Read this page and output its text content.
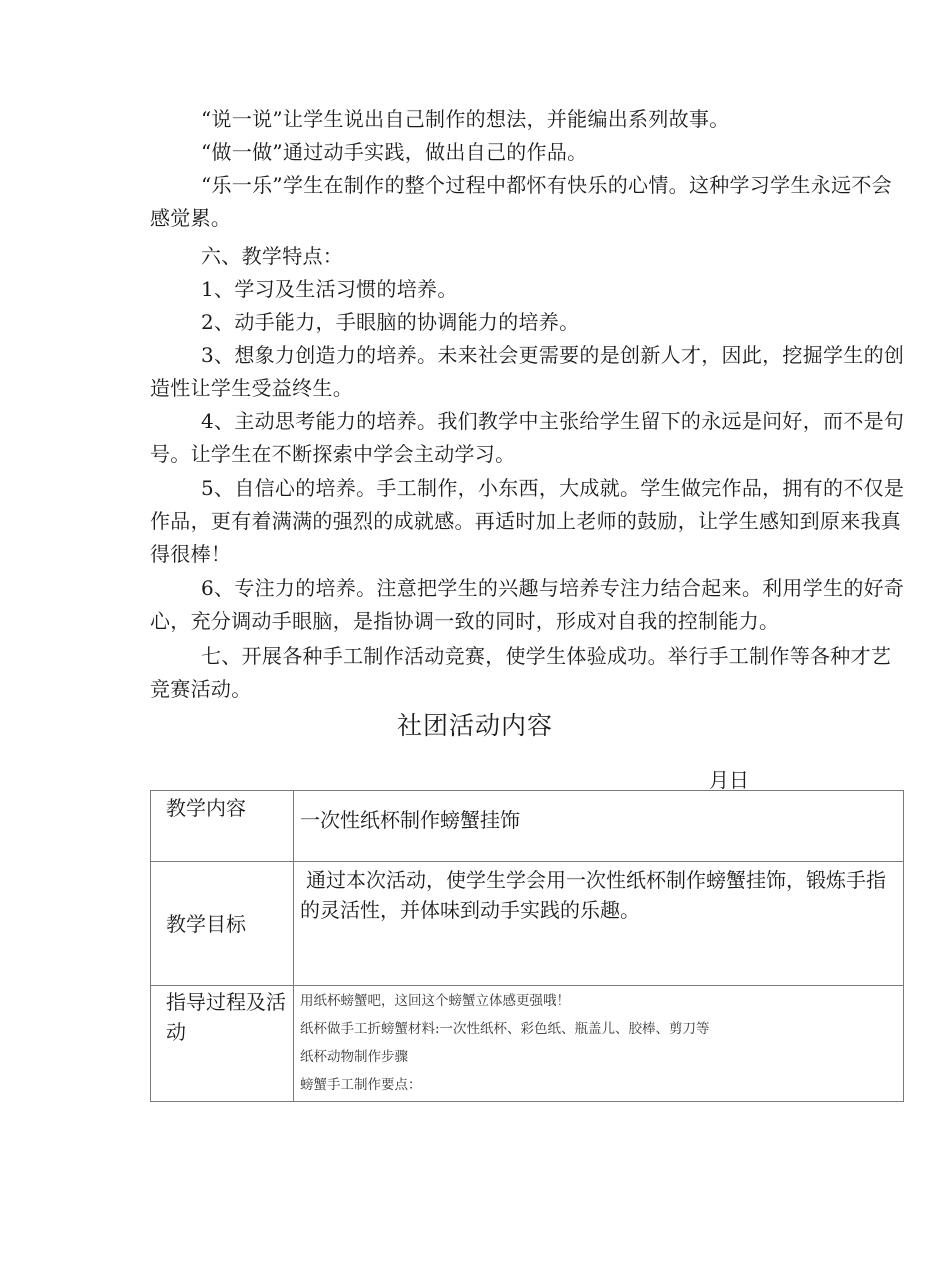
“说一说”让学生说出自己制作的想法，并能编出系列故事。

“做一做”通过动手实践，做出自己的作品。

“乐一乐”学生在制作的整个过程中都怀有快乐的心情。这种学习学生永远不会感觉累。

六、教学特点：

1、学习及生活习惯的培养。

2、动手能力，手眼脑的协调能力的培养。

3、想象力创造力的培养。未来社会更需要的是创新人才，因此，挖掘学生的创造性让学生受益终生。

4、主动思考能力的培养。我们教学中主张给学生留下的永远是问好，而不是句号。让学生在不断探索中学会主动学习。

5、自信心的培养。手工制作，小东西，大成就。学生做完作品，拥有的不仅是作品，更有着满满的强烈的成就感。再适时加上老师的鼓励，让学生感知到原来我真得很棒！

6、专注力的培养。注意把学生的兴趣与培养专注力结合起来。利用学生的好奇心，充分调动手眼脑，是指协调一致的同时，形成对自我的控制能力。

七、开展各种手工制作活动竞赛，使学生体验成功。举行手工制作等各种才艺竞赛活动。

社团活动内容
月日
教学内容	一次性纸杯制作螃蟹挂饰
教学目标	通过本次活动，使学生学会用一次性纸杯制作螃蟹挂饰，锻炼手指的灵活性，并体味到动手实践的乐趣。
指导过程及活动	用纸杯螃蟹吧，这回这个螃蟹立体感更强哦！
纸杯做手工折螃蟹材料:一次性纸杯、彩色纸、瓶盖儿、胶棒、剪刀等
纸杯动物制作步骤
螃蟹手工制作要点：
